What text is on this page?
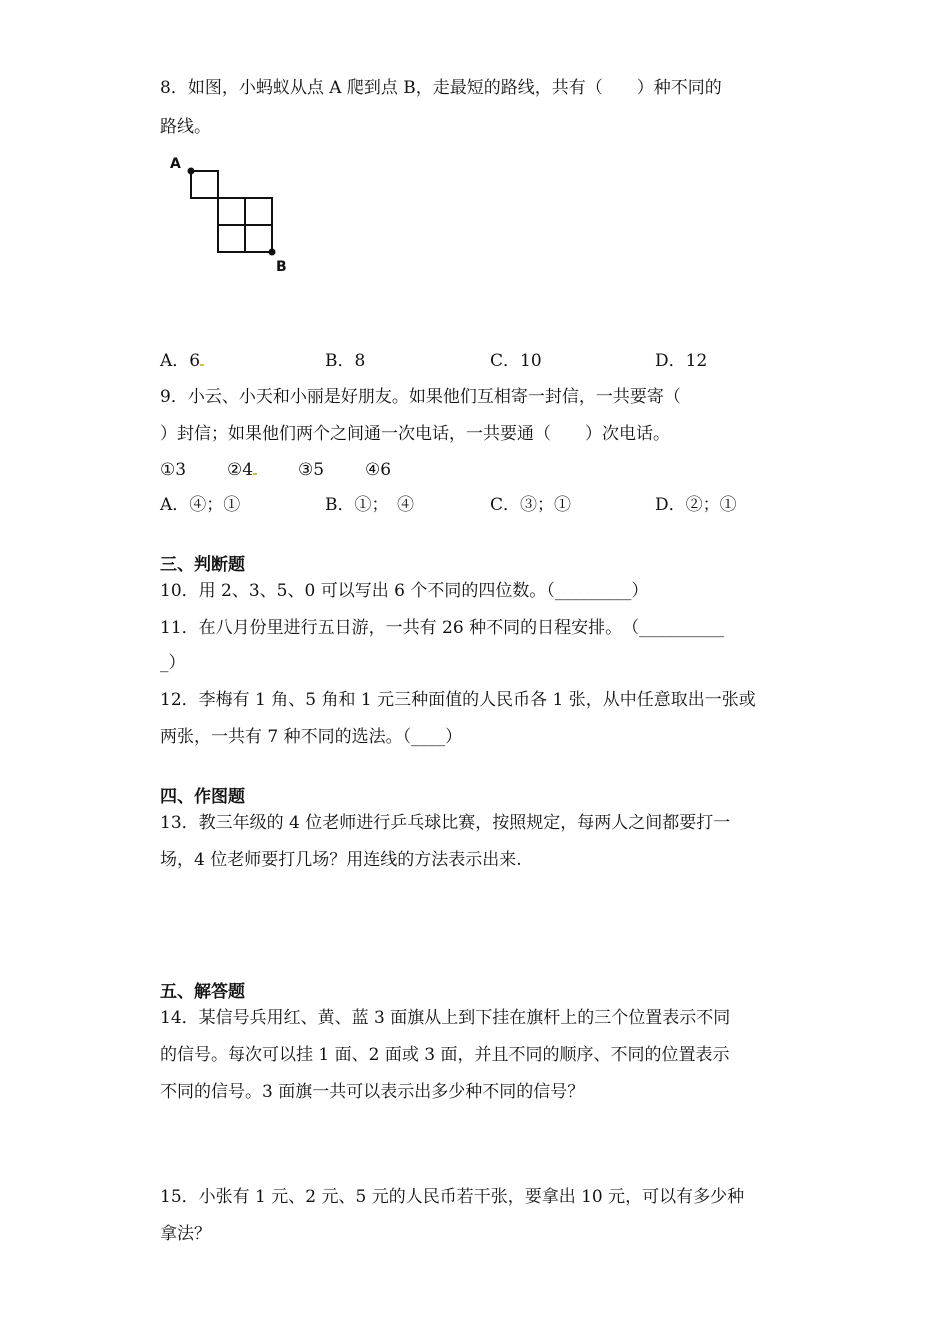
8．如图，小蚂蚁从点 A 爬到点 B，走最短的路线，共有（　　）种不同的
路线。
A
B
A．6	B．8	C．10	D．12
9．小云、小天和小丽是好朋友。如果他们互相寄一封信，一共要寄（
）封信；如果他们两个之间通一次电话，一共要通（　　）次电话。
①3 ②4	③5 ④6
A．④；①	B．①；　④	C．③；①	D．②；①
三、判断题
10．用 2、3、5、0 可以写出 6 个不同的四位数。（_________）
11．在八月份里进行五日游，一共有 26 种不同的日程安排。　（__________
_）
12．李梅有 1 角、5 角和 1 元三种面值的人民币各 1 张，从中任意取出一张或
两张，一共有 7 种不同的选法。（____）
四、作图题
13．教三年级的 4 位老师进行乒乓球比赛，按照规定，每两人之间都要打一
场，4 位老师要打几场？用连线的方法表示出来.
五、解答题
14．某信号兵用红、黄、蓝 3 面旗从上到下挂在旗杆上的三个位置表示不同
的信号。每次可以挂 1 面、2 面或 3 面，并且不同的顺序、不同的位置表示
不同的信号。3 面旗一共可以表示出多少种不同的信号？
15．小张有 1 元、2 元、5 元的人民币若干张，要拿出 10 元，可以有多少种
拿法？
